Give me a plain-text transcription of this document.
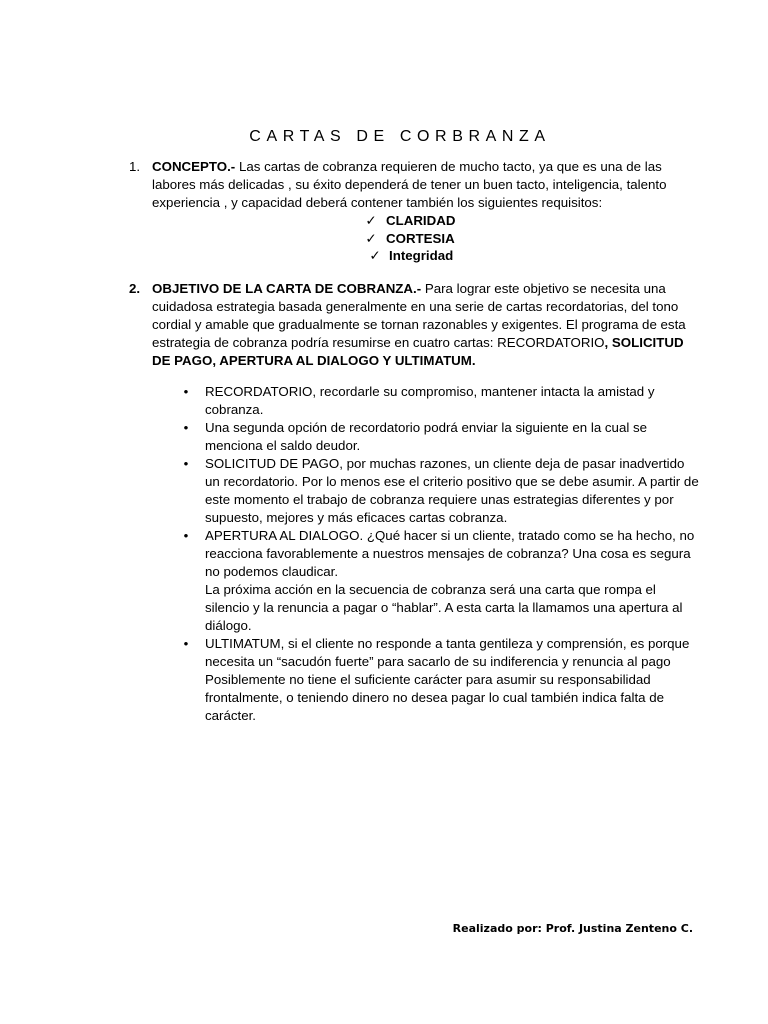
CARTAS DE CORBRANZA
1. CONCEPTO.- Las cartas de cobranza requieren de mucho tacto, ya que es una de las labores más delicadas , su éxito dependerá de tener un buen tacto, inteligencia, talento experiencia , y capacidad deberá contener también los siguientes requisitos:
✓ CLARIDAD
✓ CORTESIA
✓ Integridad
2. OBJETIVO DE LA CARTA DE COBRANZA.- Para lograr este objetivo se necesita una cuidadosa estrategia basada generalmente en una serie de cartas recordatorias, del tono cordial y amable que gradualmente se tornan razonables y exigentes. El programa de esta estrategia de cobranza podría resumirse en cuatro cartas: RECORDATORIO, SOLICITUD DE PAGO, APERTURA AL DIALOGO Y ULTIMATUM.
• RECORDATORIO, recordarle su compromiso, mantener intacta la amistad y cobranza.
• Una segunda opción de recordatorio podrá enviar la siguiente en la cual se menciona el saldo deudor.
• SOLICITUD DE PAGO, por muchas razones, un cliente deja de pasar inadvertido un recordatorio. Por lo menos ese el criterio positivo que se debe asumir. A partir de este momento el trabajo de cobranza requiere unas estrategias diferentes y por supuesto, mejores y más eficaces cartas cobranza.
• APERTURA AL DIALOGO. ¿Qué hacer si un cliente, tratado como se ha hecho, no reacciona favorablemente a nuestros mensajes de cobranza? Una cosa es segura no podemos claudicar.
La próxima acción en la secuencia de cobranza será una carta que rompa el silencio y la renuncia a pagar o “hablar”. A esta carta la llamamos una apertura al diálogo.
• ULTIMATUM, si el cliente no responde a tanta gentileza y comprensión, es porque necesita un “sacudón fuerte” para sacarlo de su indiferencia y renuncia al pago
Posiblemente no tiene el suficiente carácter para asumir su responsabilidad frontalmente, o teniendo dinero no desea pagar lo cual también indica falta de carácter.
Realizado por: Prof. Justina Zenteno C.
